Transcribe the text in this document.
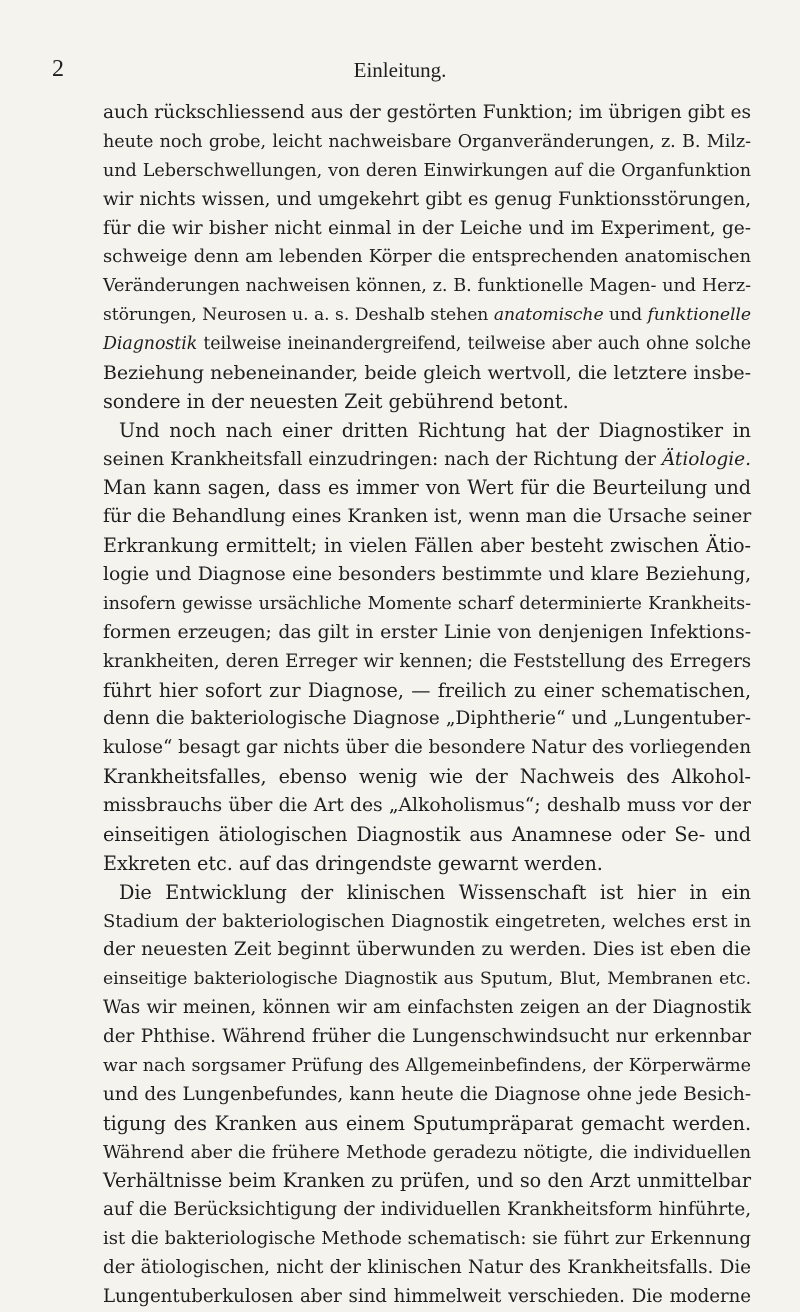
2	Einleitung.
auch rückschliessend aus der gestörten Funktion; im übrigen gibt es
heute noch grobe, leicht nachweisbare Organveränderungen, z. B. Milz-
und Leberschwellungen, von deren Einwirkungen auf die Organfunktion
wir nichts wissen, und umgekehrt gibt es genug Funktionsstörungen,
für die wir bisher nicht einmal in der Leiche und im Experiment, ge-
schweige denn am lebenden Körper die entsprechenden anatomischen
Veränderungen nachweisen können, z. B. funktionelle Magen- und Herz-
störungen, Neurosen u. a. s. Deshalb stehen anatomische und funktionelle
Diagnostik teilweise ineinandergreifend, teilweise aber auch ohne solche
Beziehung nebeneinander, beide gleich wertvoll, die letztere insbe-
sondere in der neuesten Zeit gebührend betont.
Und noch nach einer dritten Richtung hat der Diagnostiker in
seinen Krankheitsfall einzudringen: nach der Richtung der Ätiologie.
Man kann sagen, dass es immer von Wert für die Beurteilung und
für die Behandlung eines Kranken ist, wenn man die Ursache seiner
Erkrankung ermittelt; in vielen Fällen aber besteht zwischen Ätio-
logie und Diagnose eine besonders bestimmte und klare Beziehung,
insofern gewisse ursächliche Momente scharf determinierte Krankheits-
formen erzeugen; das gilt in erster Linie von denjenigen Infektions-
krankheiten, deren Erreger wir kennen; die Feststellung des Erregers
führt hier sofort zur Diagnose, — freilich zu einer schematischen,
denn die bakteriologische Diagnose „Diphtherie“ und „Lungentuber-
kulose“ besagt gar nichts über die besondere Natur des vorliegenden
Krankheitsfalles, ebenso wenig wie der Nachweis des Alkohol-
missbrauchs über die Art des „Alkoholismus“; deshalb muss vor der
einseitigen ätiologischen Diagnostik aus Anamnese oder Se- und
Exkreten etc. auf das dringendste gewarnt werden.
Die Entwicklung der klinischen Wissenschaft ist hier in ein
Stadium der bakteriologischen Diagnostik eingetreten, welches erst in
der neuesten Zeit beginnt überwunden zu werden. Dies ist eben die
einseitige bakteriologische Diagnostik aus Sputum, Blut, Membranen etc.
Was wir meinen, können wir am einfachsten zeigen an der Diagnostik
der Phthise. Während früher die Lungenschwindsucht nur erkennbar
war nach sorgsamer Prüfung des Allgemeinbefindens, der Körperwärme
und des Lungenbefundes, kann heute die Diagnose ohne jede Besich-
tigung des Kranken aus einem Sputumpräparat gemacht werden.
Während aber die frühere Methode geradezu nötigte, die individuellen
Verhältnisse beim Kranken zu prüfen, und so den Arzt unmittelbar
auf die Berücksichtigung der individuellen Krankheitsform hinführte,
ist die bakteriologische Methode schematisch: sie führt zur Erkennung
der ätiologischen, nicht der klinischen Natur des Krankheitsfalls. Die
Lungentuberkulosen aber sind himmelweit verschieden. Die moderne
